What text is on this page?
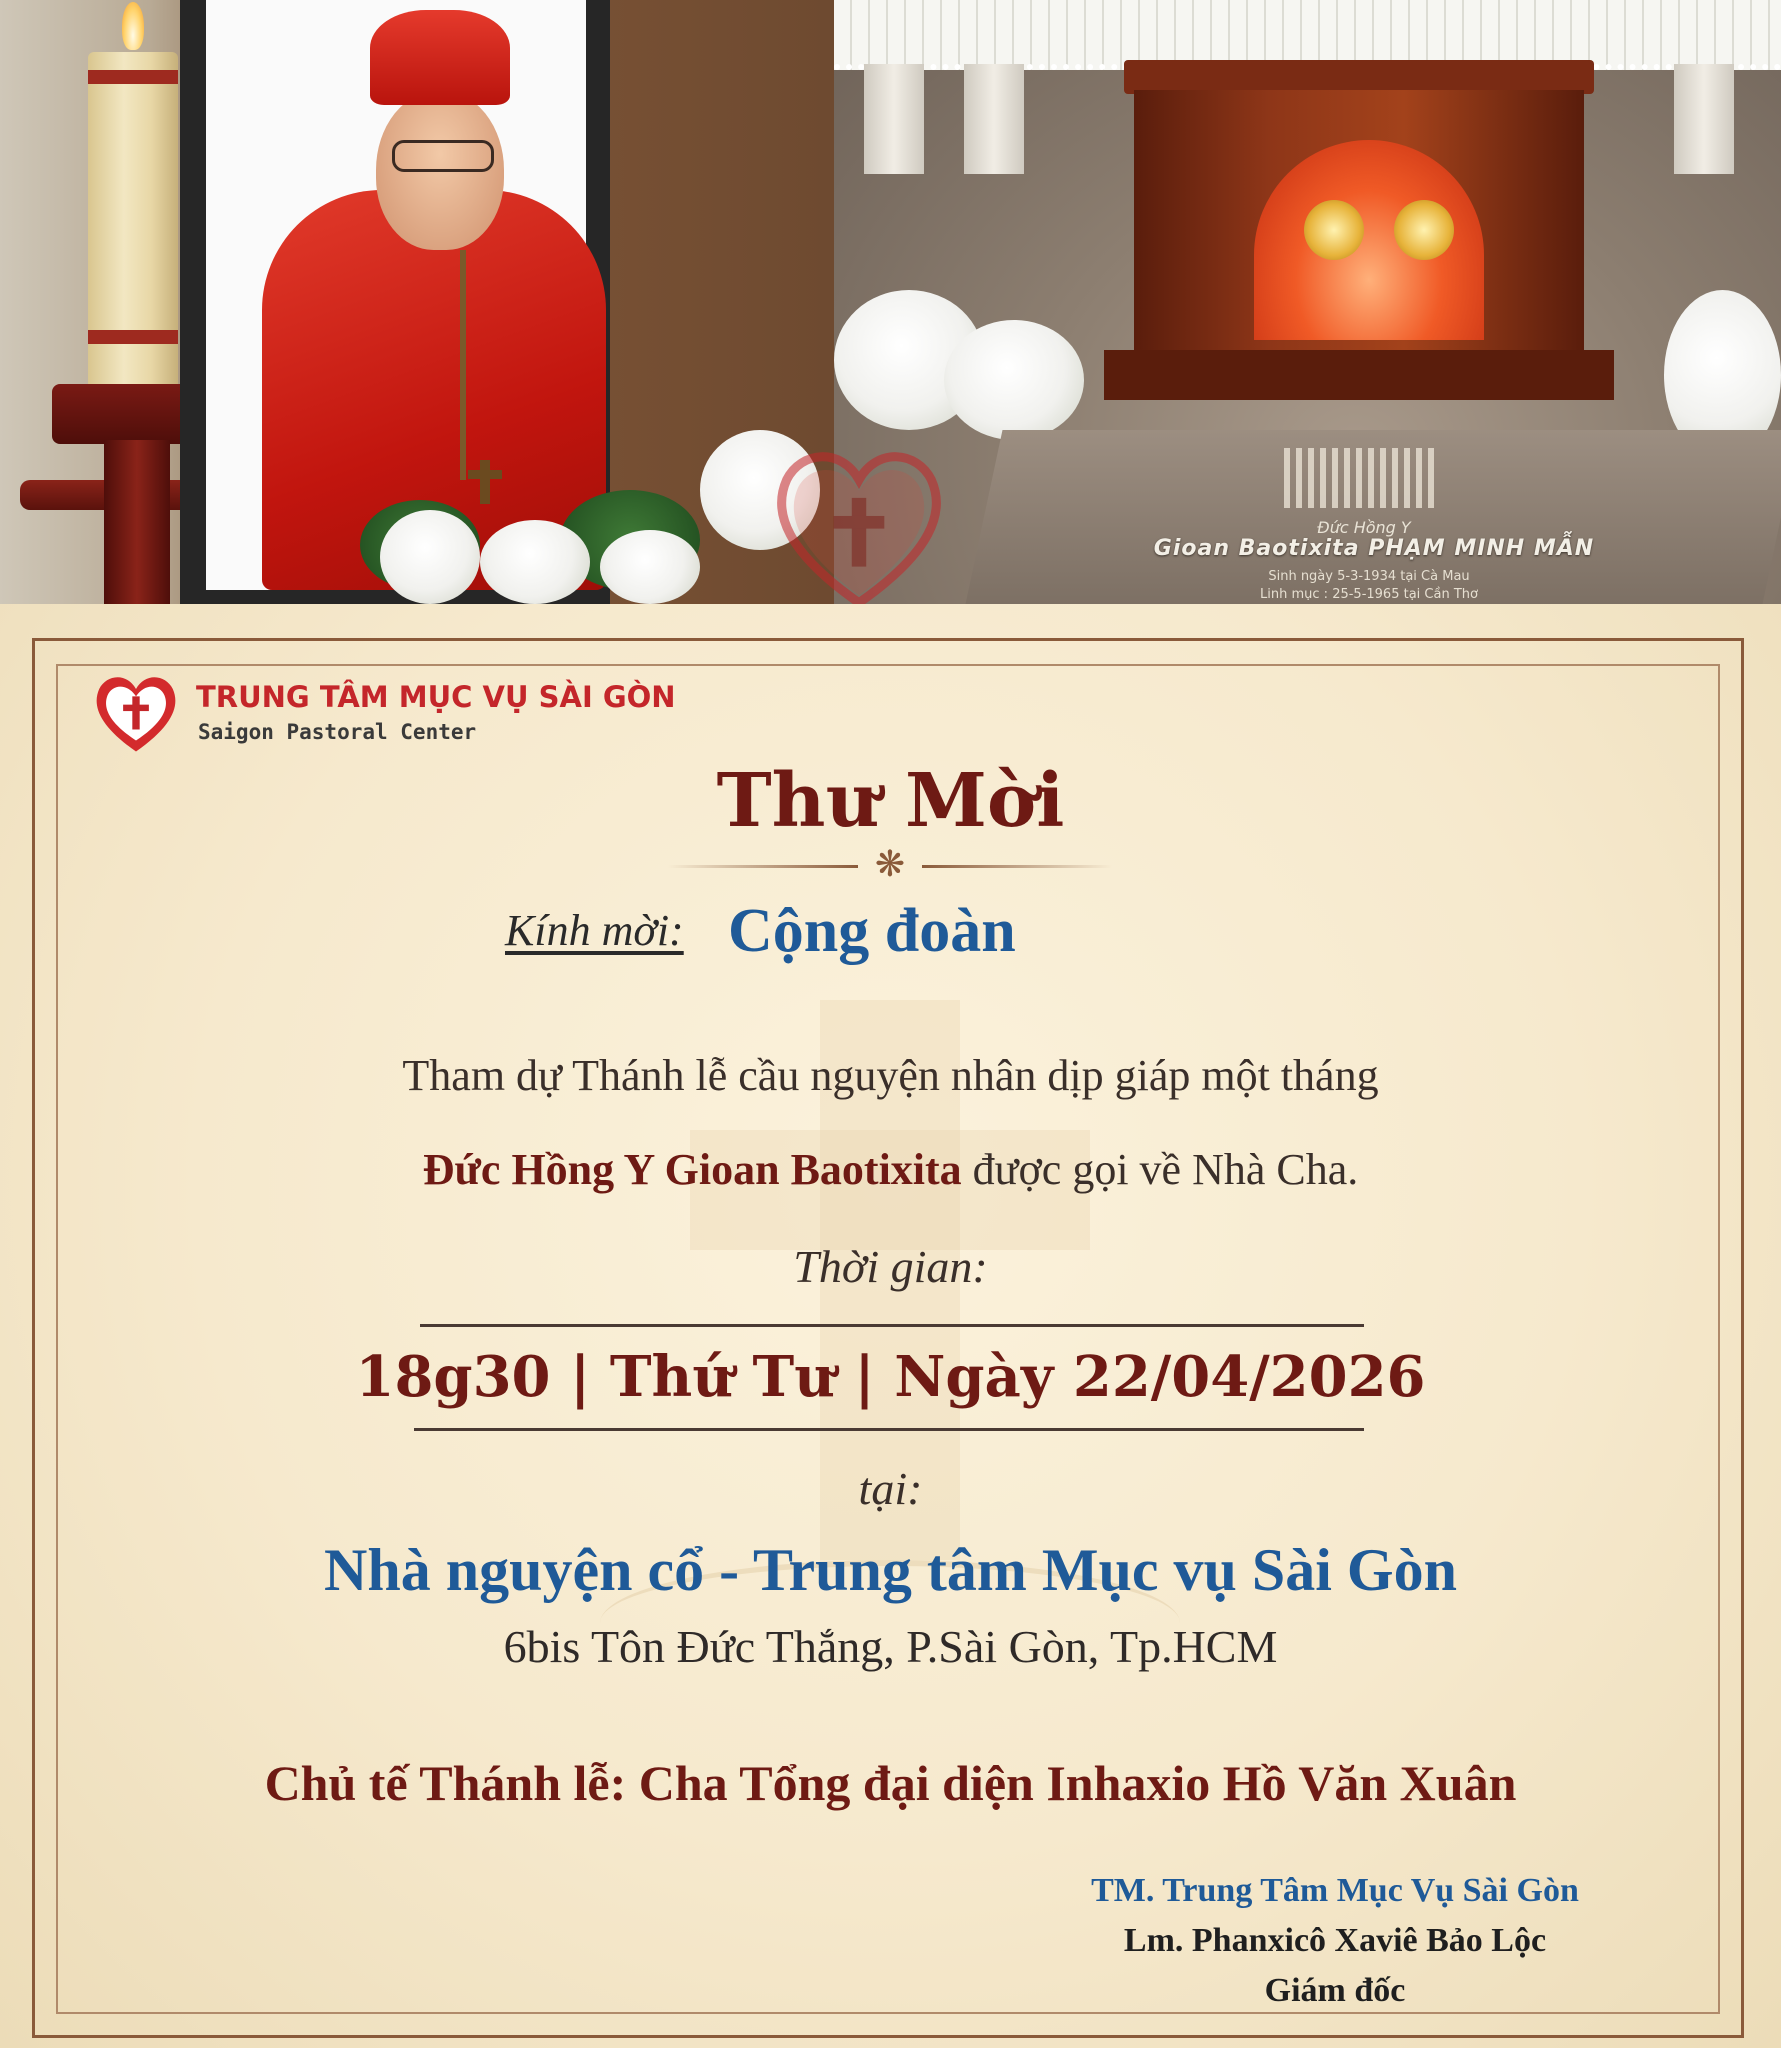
Đức Hồng Y
Gioan Baotixita PHẠM MINH MẪN
Sinh ngày 5-3-1934 tại Cà Mau
Linh mục : 25-5-1965 tại Cần Thơ
TRUNG TÂM MỤC VỤ SÀI GÒN
Saigon Pastoral Center
Thư Mời
❋
Kính mời: Cộng đoàn
Tham dự Thánh lễ cầu nguyện nhân dịp giáp một tháng
Đức Hồng Y Gioan Baotixita được gọi về Nhà Cha.
Thời gian:
18g30 | Thứ Tư | Ngày 22/04/2026
tại:
Nhà nguyện cổ - Trung tâm Mục vụ Sài Gòn
6bis Tôn Đức Thắng, P.Sài Gòn, Tp.HCM
Chủ tế Thánh lễ: Cha Tổng đại diện Inhaxio Hồ Văn Xuân
TM. Trung Tâm Mục Vụ Sài Gòn
Lm. Phanxicô Xaviê Bảo Lộc
Giám đốc
